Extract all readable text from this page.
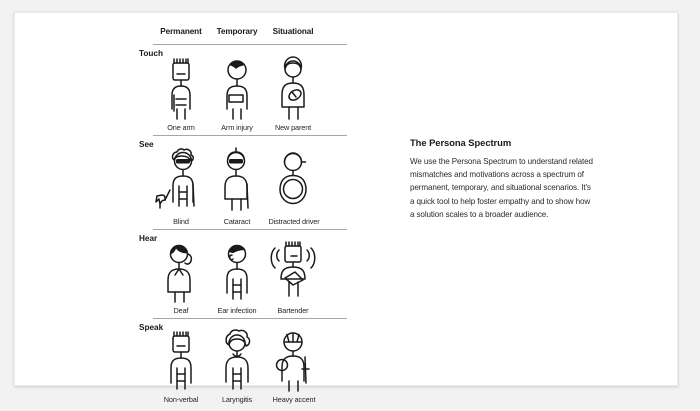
Permanent	Temporary	Situational
Touch
One arm	Arm injury	New parent
See
Blind	Cataract	Distracted driver
Hear
Deaf	Ear infection	Bartender
Speak
Non-verbal	Laryngitis	Heavy accent
The Persona Spectrum

We use the Persona Spectrum to understand related mismatches and motivations across a spectrum of permanent, temporary, and situational scenarios. It's a quick tool to help foster empathy and to show how a solution scales to a broader audience.
